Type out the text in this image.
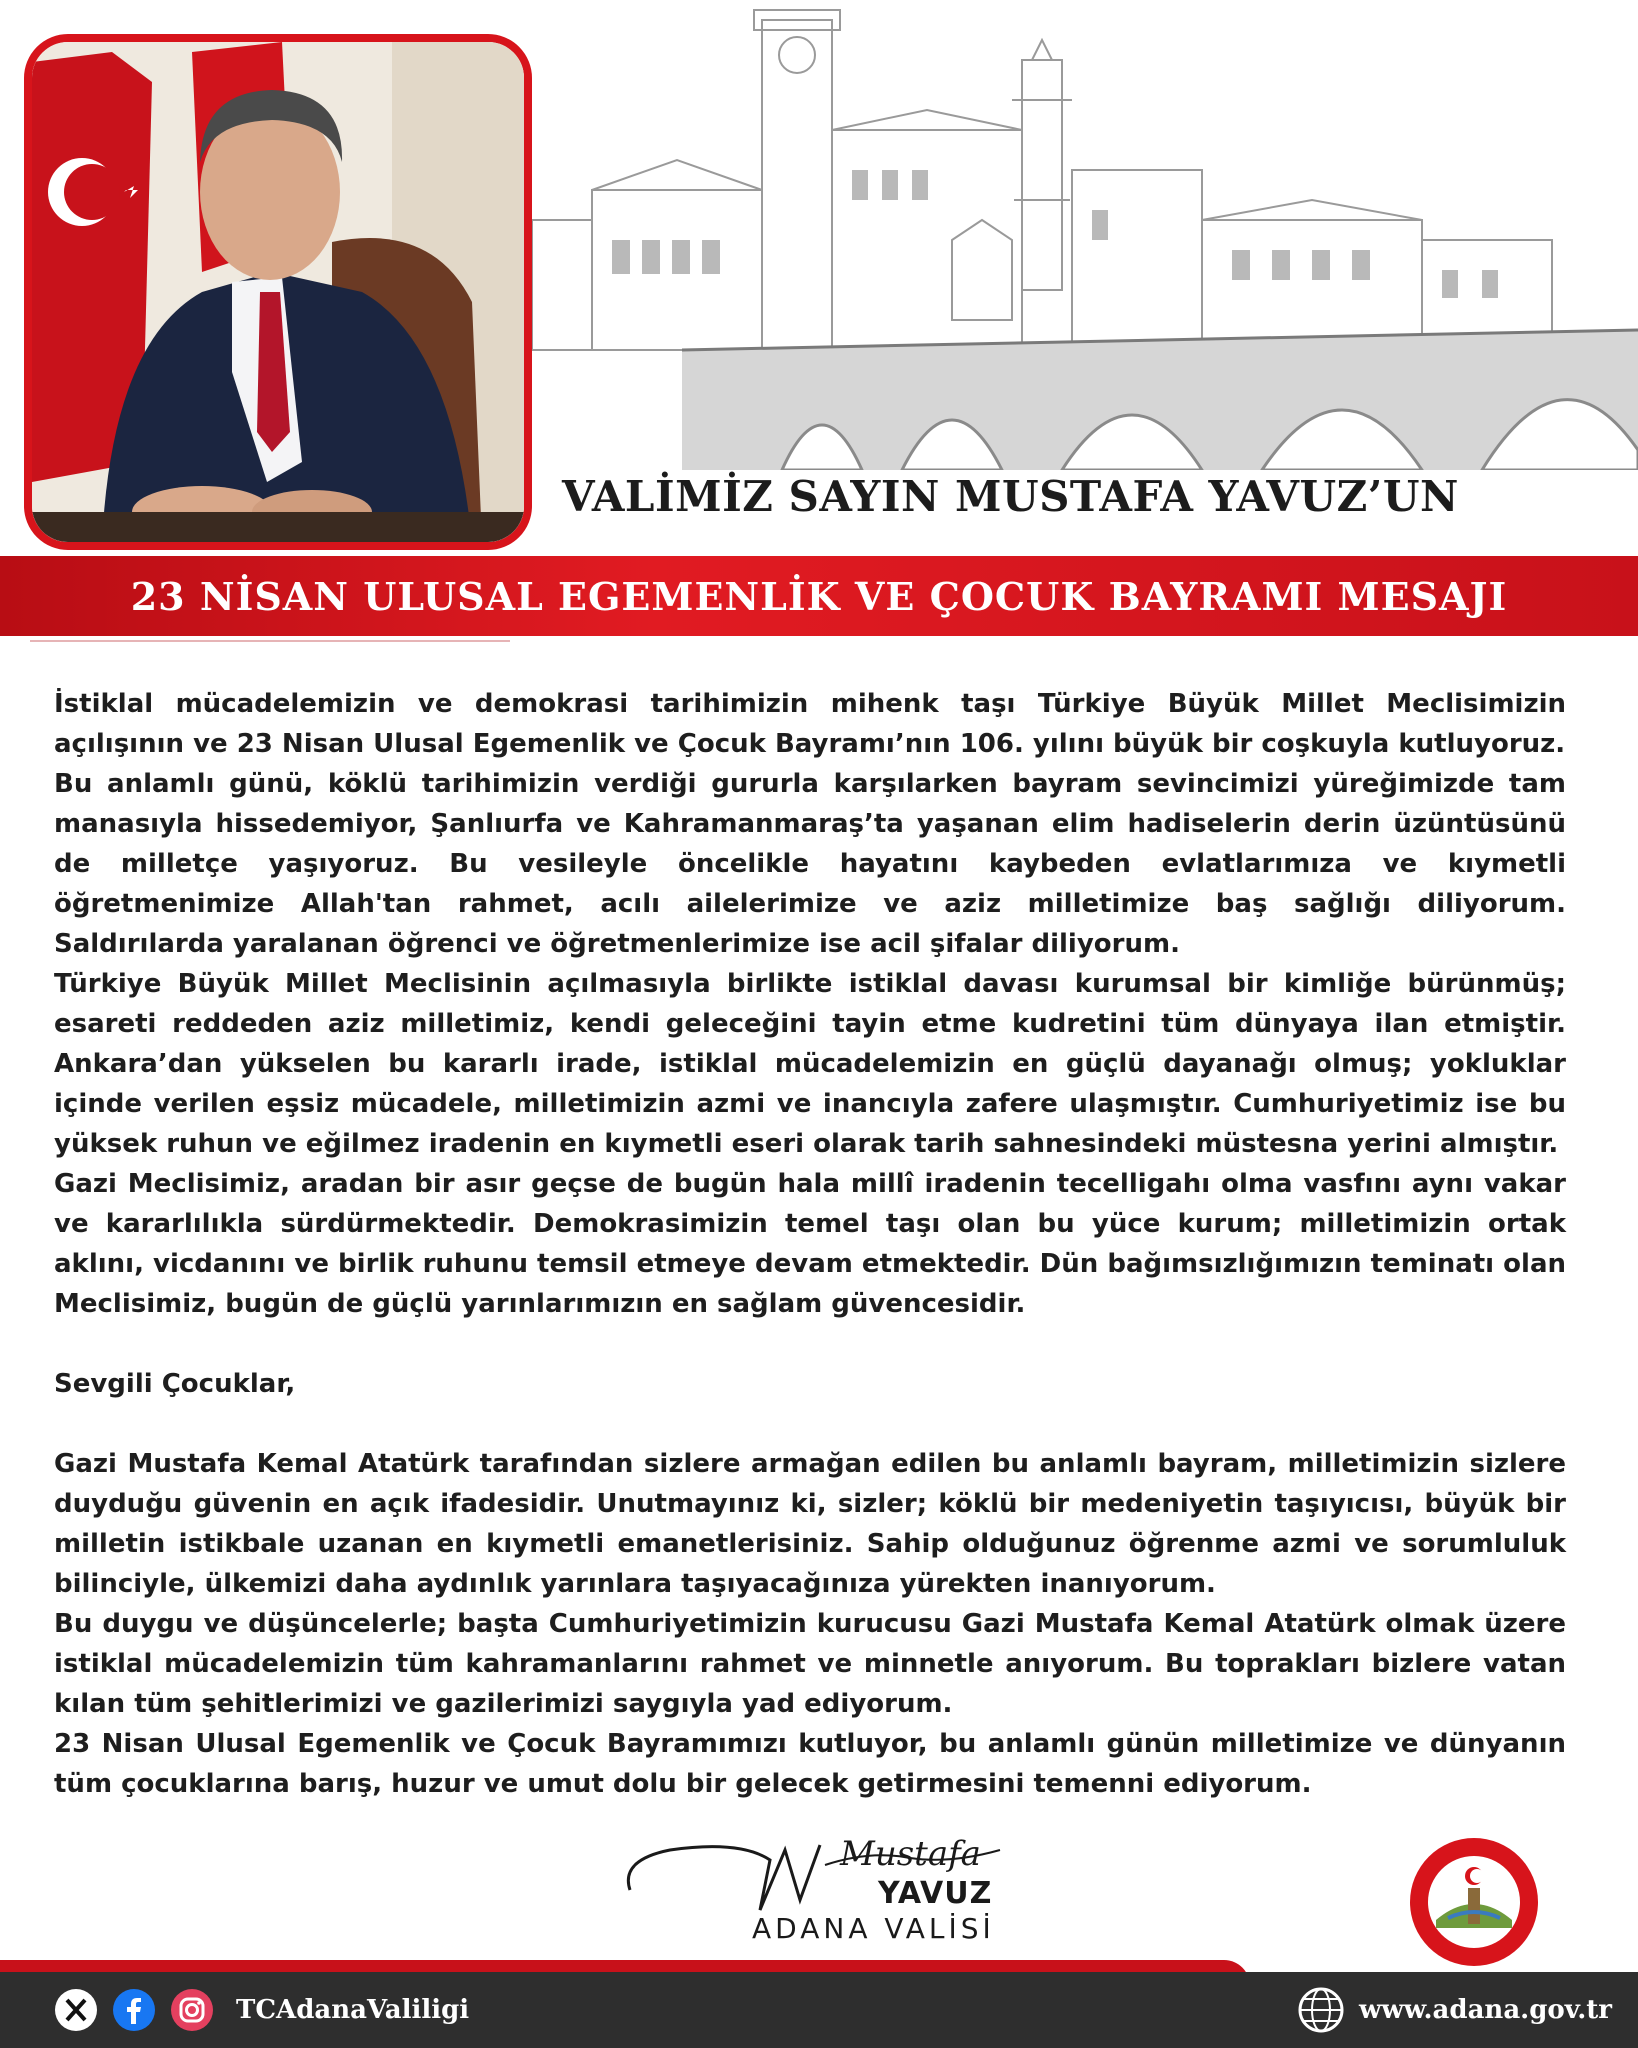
VALİMİZ SAYIN MUSTAFA YAVUZ’UN
23 NİSAN ULUSAL EGEMENLİK VE ÇOCUK BAYRAMI MESAJI

İstiklal mücadelemizin ve demokrasi tarihimizin mihenk taşı Türkiye Büyük Millet Meclisimizin açılışının ve 23 Nisan Ulusal Egemenlik ve Çocuk Bayramı’nın 106. yılını büyük bir coşkuyla kutluyoruz.

Bu anlamlı günü, köklü tarihimizin verdiği gururla karşılarken bayram sevincimizi yüreğimizde tam manasıyla hissedemiyor, Şanlıurfa ve Kahramanmaraş’ta yaşanan elim hadiselerin derin üzüntüsünü de milletçe yaşıyoruz. Bu vesileyle öncelikle hayatını kaybeden evlatlarımıza ve kıymetli öğretmenimize Allah'tan rahmet, acılı ailelerimize ve aziz milletimize baş sağlığı diliyorum. Saldırılarda yaralanan öğrenci ve öğretmenlerimize ise acil şifalar diliyorum.

Türkiye Büyük Millet Meclisinin açılmasıyla birlikte istiklal davası kurumsal bir kimliğe bürünmüş; esareti reddeden aziz milletimiz, kendi geleceğini tayin etme kudretini tüm dünyaya ilan etmiştir. Ankara’dan yükselen bu kararlı irade, istiklal mücadelemizin en güçlü dayanağı olmuş; yokluklar içinde verilen eşsiz mücadele, milletimizin azmi ve inancıyla zafere ulaşmıştır. Cumhuriyetimiz ise bu yüksek ruhun ve eğilmez iradenin en kıymetli eseri olarak tarih sahnesindeki müstesna yerini almıştır.

Gazi Meclisimiz, aradan bir asır geçse de bugün hala millî iradenin tecelligahı olma vasfını aynı vakar ve kararlılıkla sürdürmektedir. Demokrasimizin temel taşı olan bu yüce kurum; milletimizin ortak aklını, vicdanını ve birlik ruhunu temsil etmeye devam etmektedir. Dün bağımsızlığımızın teminatı olan Meclisimiz, bugün de güçlü yarınlarımızın en sağlam güvencesidir.

Sevgili Çocuklar,

Gazi Mustafa Kemal Atatürk tarafından sizlere armağan edilen bu anlamlı bayram, milletimizin sizlere duyduğu güvenin en açık ifadesidir. Unutmayınız ki, sizler; köklü bir medeniyetin taşıyıcısı, büyük bir milletin istikbale uzanan en kıymetli emanetlerisiniz. Sahip olduğunuz öğrenme azmi ve sorumluluk bilinciyle, ülkemizi daha aydınlık yarınlara taşıyacağınıza yürekten inanıyorum.

Bu duygu ve düşüncelerle; başta Cumhuriyetimizin kurucusu Gazi Mustafa Kemal Atatürk olmak üzere istiklal mücadelemizin tüm kahramanlarını rahmet ve minnetle anıyorum. Bu toprakları bizlere vatan kılan tüm şehitlerimizi ve gazilerimizi saygıyla yad ediyorum.

23 Nisan Ulusal Egemenlik ve Çocuk Bayramımızı kutluyor, bu anlamlı günün milletimize ve dünyanın tüm çocuklarına barış, huzur ve umut dolu bir gelecek getirmesini temenni ediyorum.

Mustafa
YAVUZ
ADANA VALİSİ
TCAdanaValiligi	www.adana.gov.tr
